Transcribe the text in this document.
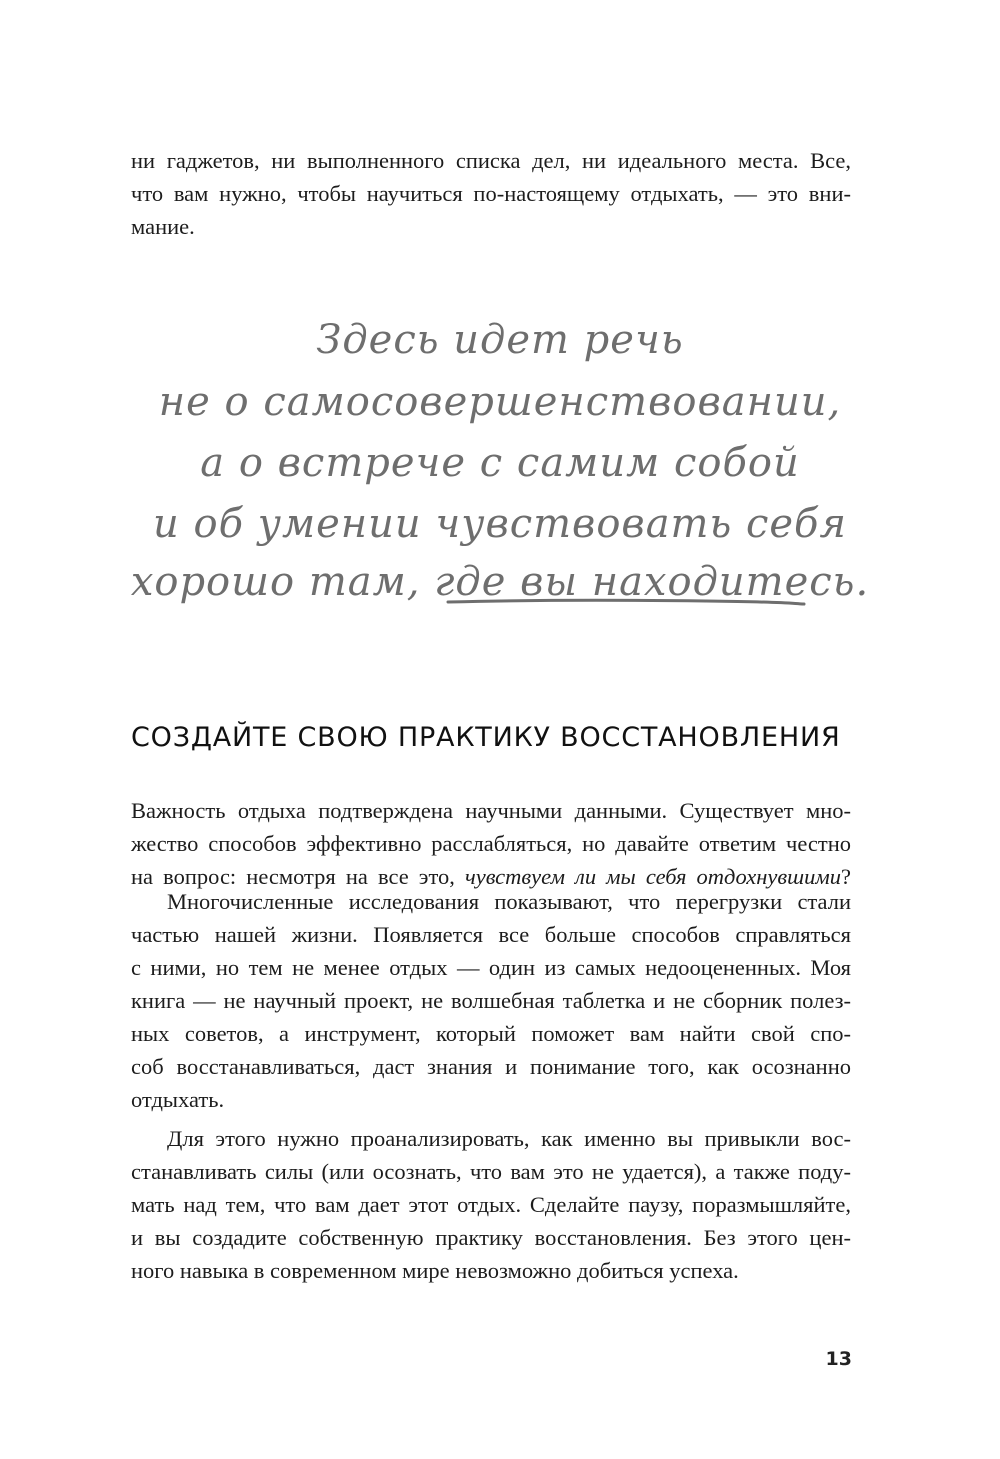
ни гаджетов, ни выполненного списка дел, ни идеального места. Все,
что вам нужно, чтобы научиться по-настоящему отдыхать, — это вни-
мание.
Здесь идет речь
не о самосовершенствовании,
а о встрече с самим собой
и об умении чувствовать себя
хорошо там, где вы находитесь.
СОЗДАЙТЕ СВОЮ ПРАКТИКУ ВОССТАНОВЛЕНИЯ
Важность отдыха подтверждена научными данными. Существует мно-
жество способов эффективно расслабляться, но давайте ответим честно
на вопрос: несмотря на все это, чувствуем ли мы себя отдохнувшими?
Многочисленные исследования показывают, что перегрузки стали
частью нашей жизни. Появляется все больше способов справляться
с ними, но тем не менее отдых — один из самых недооцененных. Моя
книга — не научный проект, не волшебная таблетка и не сборник полез-
ных советов, а инструмент, который поможет вам найти свой спо-
соб восстанавливаться, даст знания и понимание того, как осознанно
отдыхать.
Для этого нужно проанализировать, как именно вы привыкли вос-
станавливать силы (или осознать, что вам это не удается), а также поду-
мать над тем, что вам дает этот отдых. Сделайте паузу, поразмышляйте,
и вы создадите собственную практику восстановления. Без этого цен-
ного навыка в современном мире невозможно добиться успеха.
13
